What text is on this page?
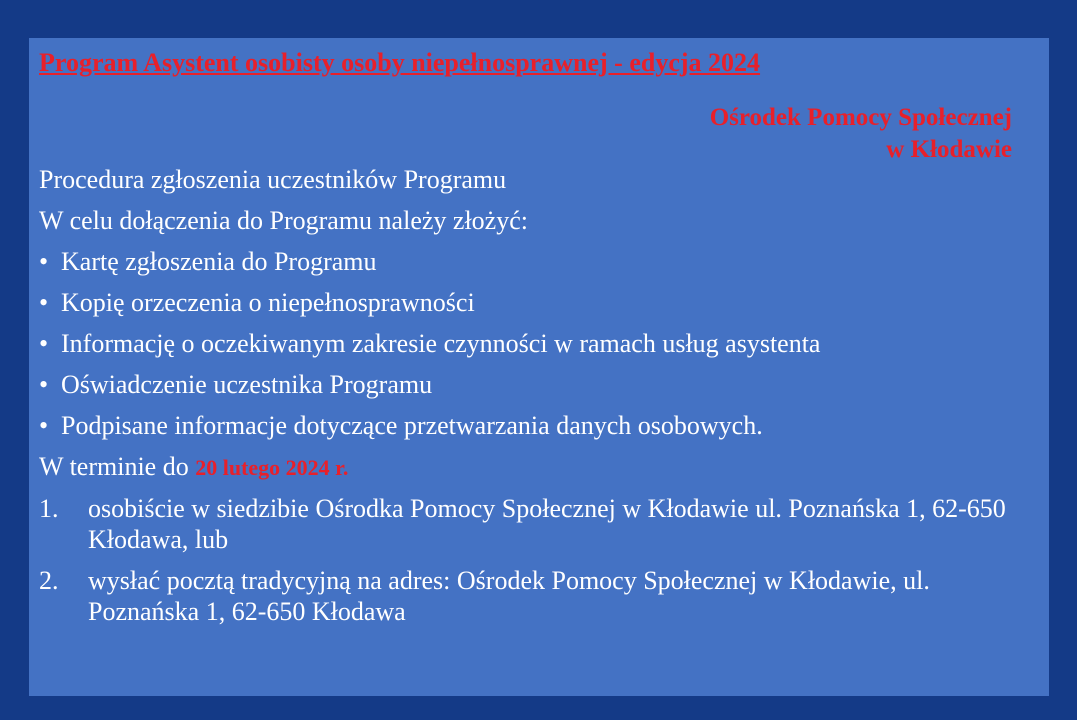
Program Asystent osobisty osoby niepełnosprawnej - edycja 2024
Ośrodek Pomocy Społecznej
w Kłodawie
Procedura zgłoszenia uczestników Programu
W celu dołączenia do Programu należy złożyć:
• Kartę zgłoszenia do Programu
• Kopię orzeczenia o niepełnosprawności
• Informację o oczekiwanym zakresie czynności w ramach usług asystenta
• Oświadczenie uczestnika Programu
• Podpisane informacje dotyczące przetwarzania danych osobowych.
W terminie do 20 lutego 2024 r.
1.	osobiście w siedzibie Ośrodka Pomocy Społecznej w Kłodawie ul. Poznańska 1, 62-650 Kłodawa, lub
2.	wysłać pocztą tradycyjną na adres: Ośrodek Pomocy Społecznej w Kłodawie, ul. Poznańska 1, 62-650 Kłodawa
